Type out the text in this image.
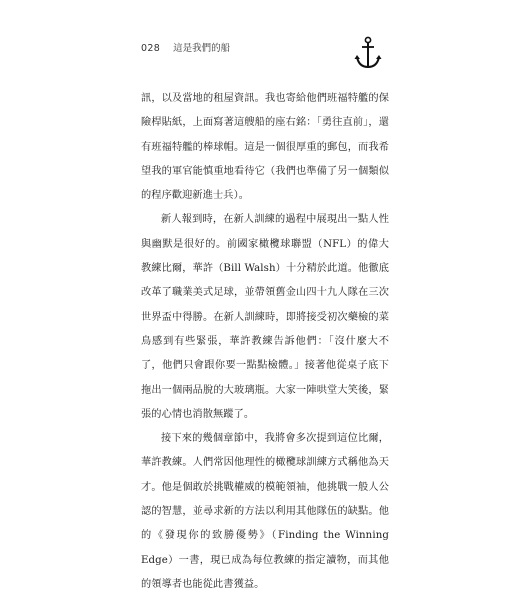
028 這是我們的船

訊，以及當地的租屋資訊。我也寄給他們班福特艦的保險桿貼紙，上面寫著這艘船的座右銘：「勇往直前」，還有班福特艦的棒球帽。這是一個很厚重的郵包，而我希望我的軍官能慎重地看待它（我們也準備了另一個類似的程序歡迎新進士兵）。

新人報到時，在新人訓練的過程中展現出一點人性與幽默是很好的。前國家橄欖球聯盟（NFL）的偉大教練比爾，華許（Bill Walsh）十分精於此道。他徹底改革了職業美式足球，並帶領舊金山四十九人隊在三次世界盃中得勝。在新人訓練時，即將接受初次藥檢的菜鳥感到有些緊張，華許教練告訴他們：「沒什麼大不了，他們只會跟你要一點點檢體。」接著他從桌子底下拖出一個兩品脫的大玻璃瓶。大家一陣哄堂大笑後，緊張的心情也消散無蹤了。

接下來的幾個章節中，我將會多次提到這位比爾，華許教練。人們常因他理性的橄欖球訓練方式稱他為天才。他是個敢於挑戰權威的模範領袖，他挑戰一般人公認的智慧，並尋求新的方法以利用其他隊伍的缺點。他的《發現你的致勝優勢》（Finding the Winning Edge）一書，現已成為每位教練的指定讀物，而其他的領導者也能從此書獲益。
